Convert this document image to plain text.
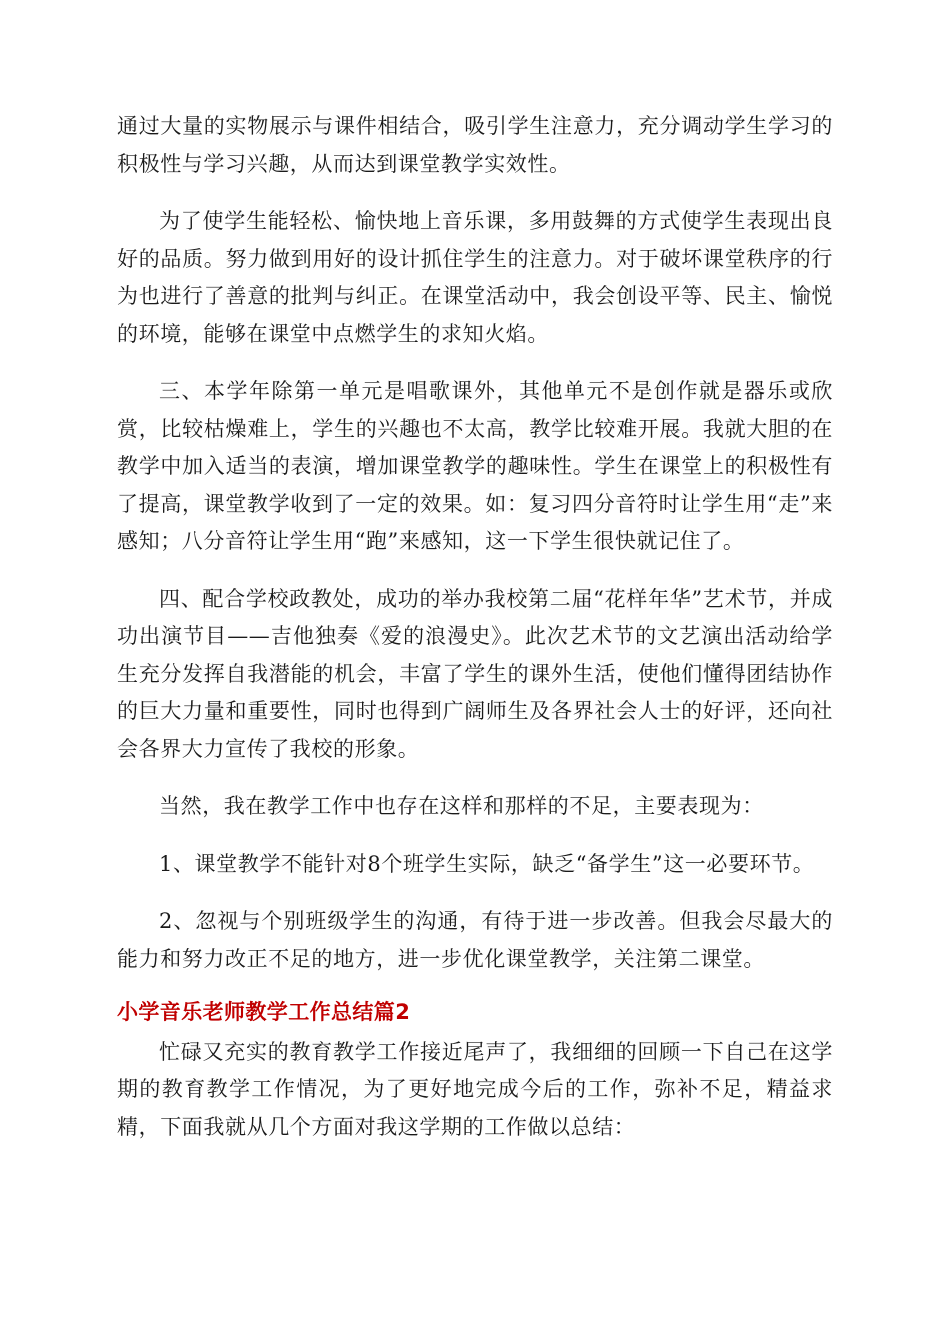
通过大量的实物展示与课件相结合，吸引学生注意力，充分调动学生学习的积极性与学习兴趣，从而达到课堂教学实效性。

为了使学生能轻松、愉快地上音乐课，多用鼓舞的方式使学生表现出良好的品质。努力做到用好的设计抓住学生的注意力。对于破坏课堂秩序的行为也进行了善意的批判与纠正。在课堂活动中，我会创设平等、民主、愉悦的环境，能够在课堂中点燃学生的求知火焰。

三、本学年除第一单元是唱歌课外，其他单元不是创作就是器乐或欣赏，比较枯燥难上，学生的兴趣也不太高，教学比较难开展。我就大胆的在教学中加入适当的表演，增加课堂教学的趣味性。学生在课堂上的积极性有了提高，课堂教学收到了一定的效果。如：复习四分音符时让学生用“走”来感知；八分音符让学生用“跑”来感知，这一下学生很快就记住了。

四、配合学校政教处，成功的举办我校第二届“花样年华”艺术节，并成功出演节目——吉他独奏《爱的浪漫史》。此次艺术节的文艺演出活动给学生充分发挥自我潜能的机会，丰富了学生的课外生活，使他们懂得团结协作的巨大力量和重要性，同时也得到广阔师生及各界社会人士的好评，还向社会各界大力宣传了我校的形象。

当然，我在教学工作中也存在这样和那样的不足，主要表现为：

1、课堂教学不能针对8个班学生实际，缺乏“备学生”这一必要环节。

2、忽视与个别班级学生的沟通，有待于进一步改善。但我会尽最大的能力和努力改正不足的地方，进一步优化课堂教学，关注第二课堂。

小学音乐老师教学工作总结篇2

忙碌又充实的教育教学工作接近尾声了，我细细的回顾一下自己在这学期的教育教学工作情况，为了更好地完成今后的工作，弥补不足，精益求精，下面我就从几个方面对我这学期的工作做以总结：
